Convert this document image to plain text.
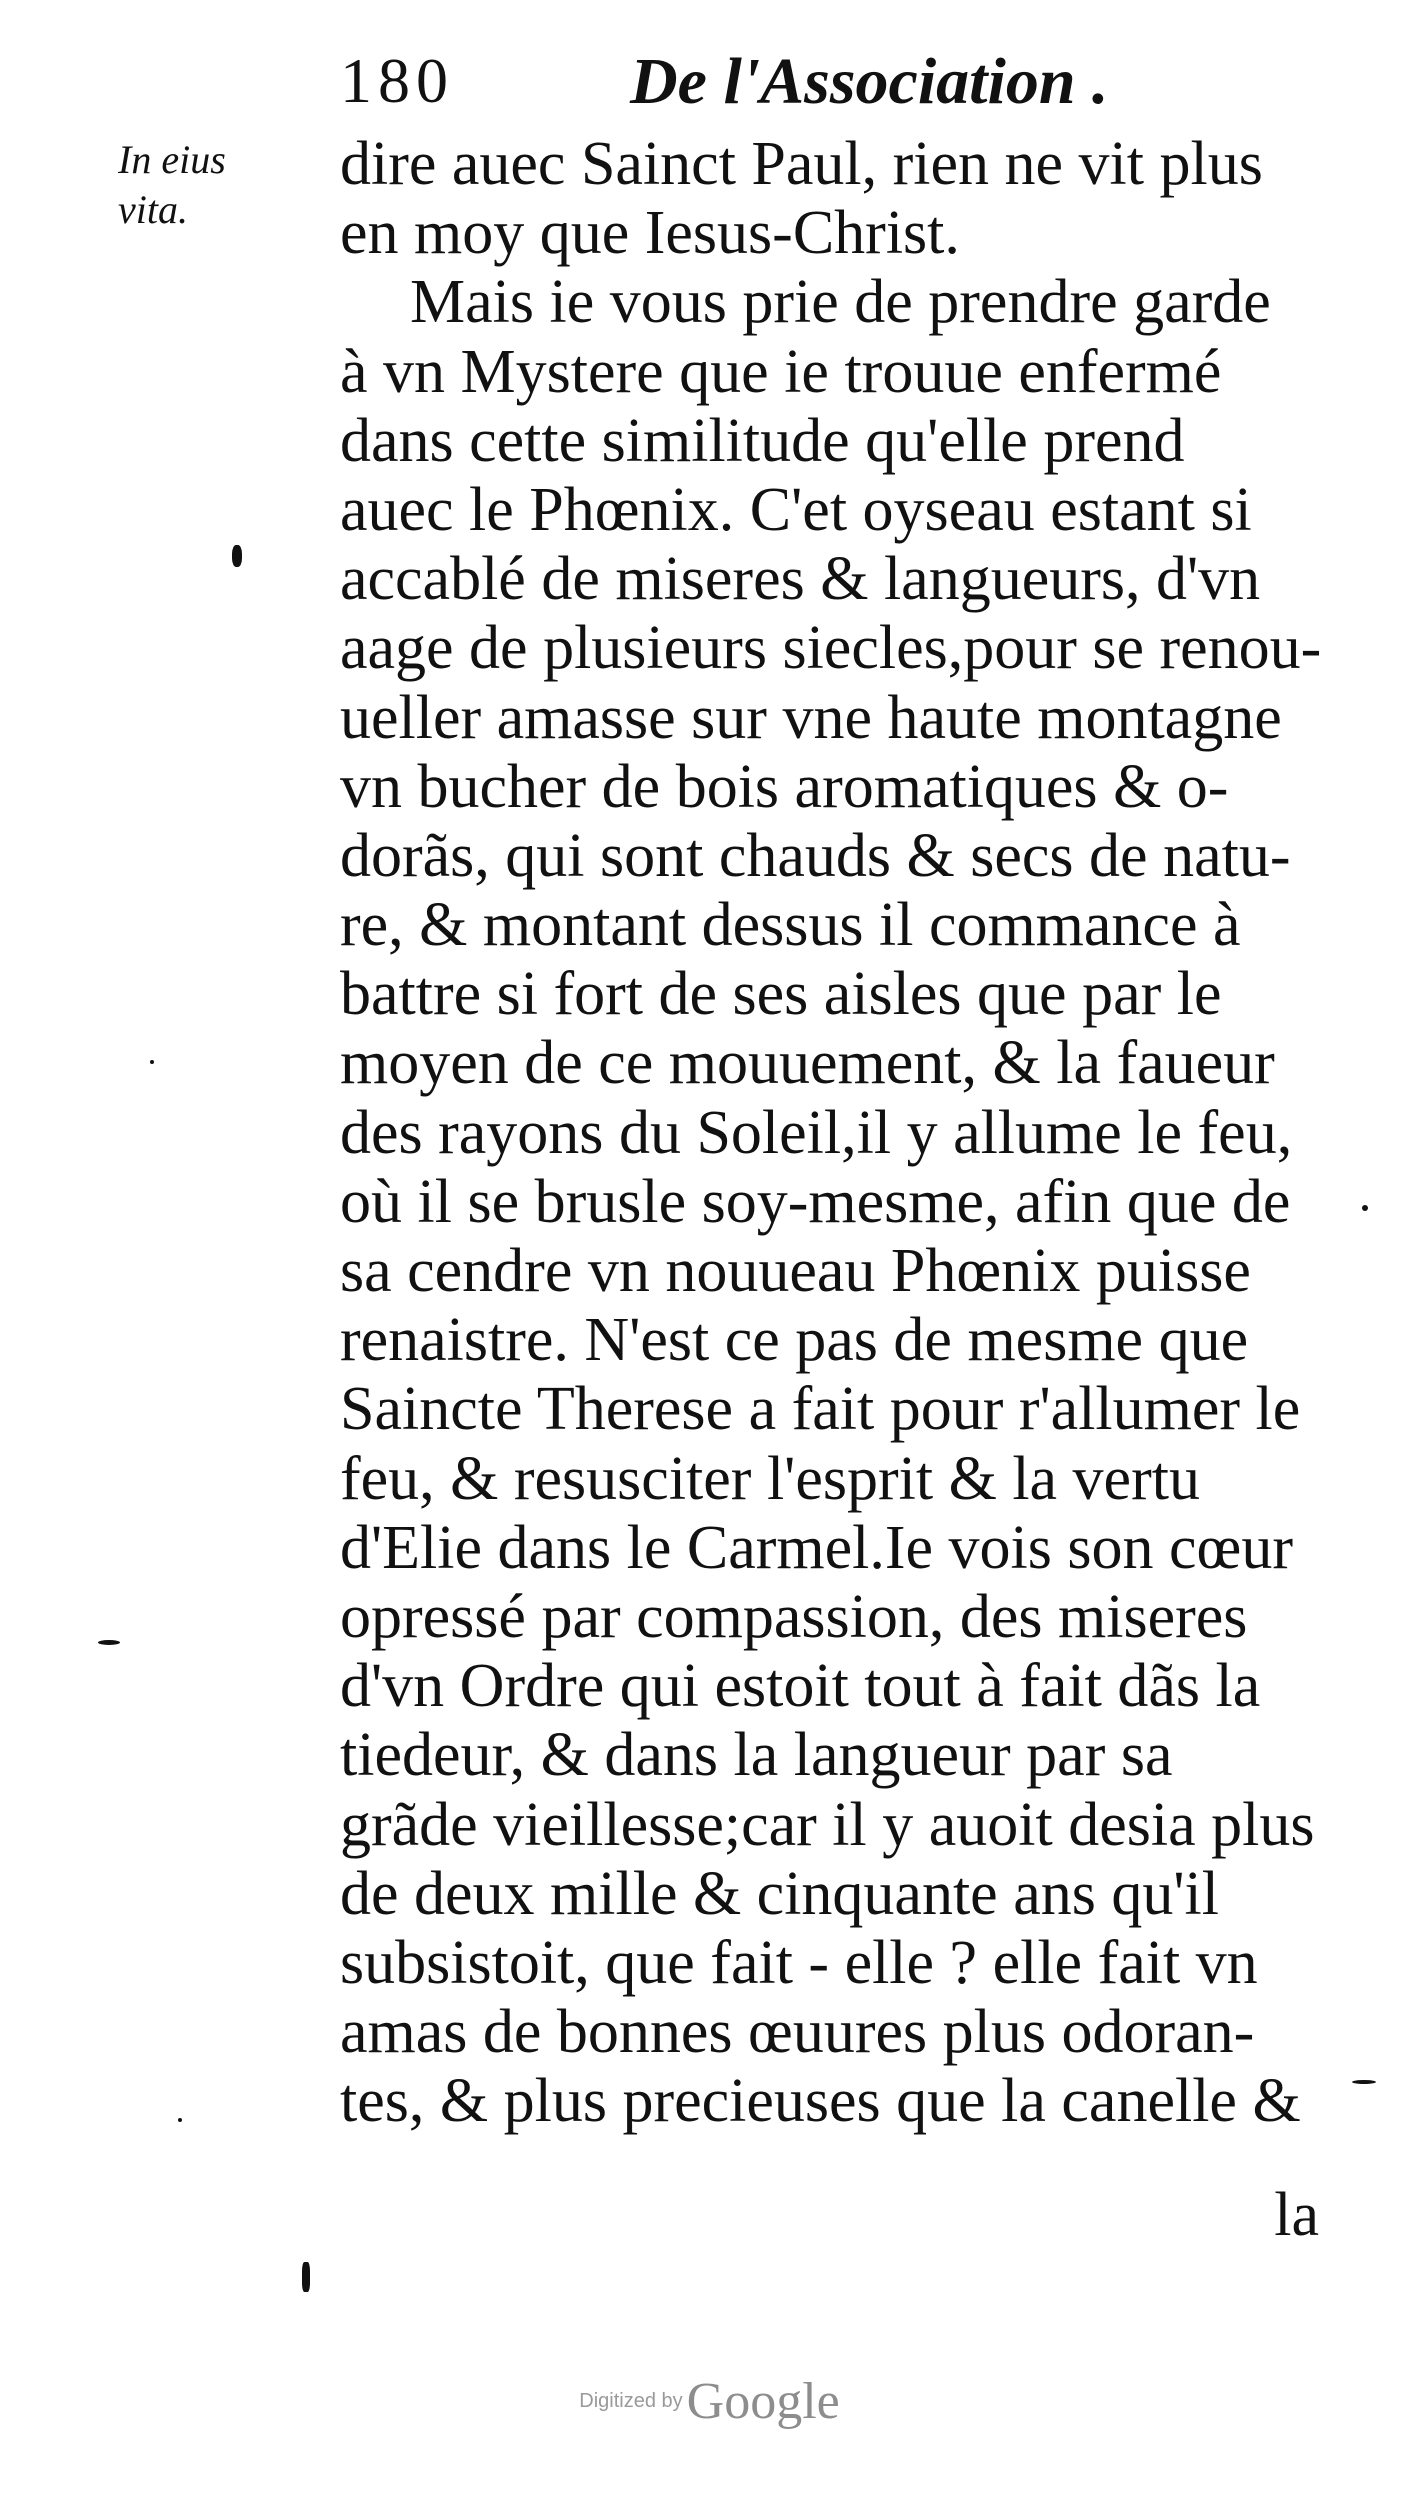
180	De l'Association .
In eius
vita.
dire auec Sainct Paul, rien ne vit plus
en moy que Iesus-Christ.
Mais ie vous prie de prendre garde
à vn Mystere que ie trouue enfermé
dans cette similitude qu'elle prend
auec le Phœnix. C'et oyseau estant si
accablé de miseres & langueurs, d'vn
aage de plusieurs siecles,pour se renou-
ueller amasse sur vne haute montagne
vn bucher de bois aromatiques & o-
dorãs, qui sont chauds & secs de natu-
re, & montant dessus il commance à
battre si fort de ses aisles que par le
moyen de ce mouuement, & la faueur
des rayons du Soleil,il y allume le feu,
où il se brusle soy-mesme, afin que de
sa cendre vn nouueau Phœnix puisse
renaistre. N'est ce pas de mesme que
Saincte Therese a fait pour r'allumer le
feu, & resusciter l'esprit & la vertu
d'Elie dans le Carmel.Ie vois son cœur
opressé par compassion, des miseres
d'vn Ordre qui estoit tout à fait dãs la
tiedeur, & dans la langueur par sa
grãde vieillesse;car il y auoit desia plus
de deux mille & cinquante ans qu'il
subsistoit, que fait - elle ? elle fait vn
amas de bonnes œuures plus odoran-
tes, & plus precieuses que la canelle &
la
Digitized by Google
